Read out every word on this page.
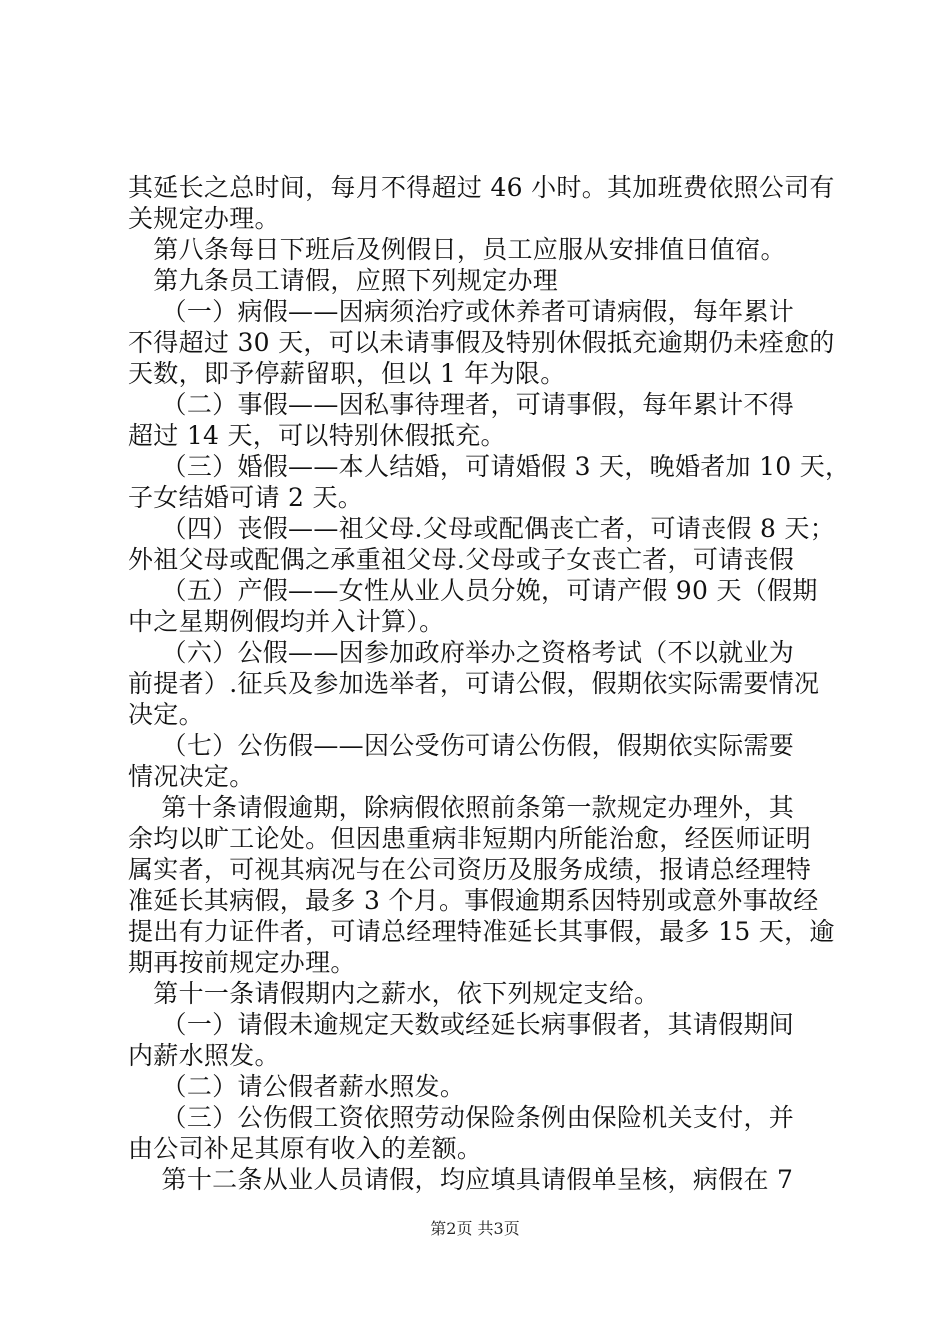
其延长之总时间，每月不得超过 46 小时。其加班费依照公司有
关规定办理。
　第八条每日下班后及例假日，员工应服从安排值日值宿。
　第九条员工请假，应照下列规定办理
　 （一）病假——因病须治疗或休养者可请病假，每年累计
不得超过 30 天，可以未请事假及特别休假抵充逾期仍未痊愈的
天数，即予停薪留职，但以 1 年为限。
　 （二）事假——因私事待理者，可请事假，每年累计不得
超过 14 天，可以特别休假抵充。
　 （三）婚假——本人结婚，可请婚假 3 天，晚婚者加 10 天，
子女结婚可请 2 天。
　 （四）丧假——祖父母.父母或配偶丧亡者，可请丧假 8 天；
外祖父母或配偶之承重祖父母.父母或子女丧亡者，可请丧假
　 （五）产假——女性从业人员分娩，可请产假 90 天（假期
中之星期例假均并入计算）。
　 （六）公假——因参加政府举办之资格考试（不以就业为
前提者）.征兵及参加选举者，可请公假，假期依实际需要情况
决定。
　 （七）公伤假——因公受伤可请公伤假，假期依实际需要
情况决定。
　 第十条请假逾期，除病假依照前条第一款规定办理外，其
余均以旷工论处。但因患重病非短期内所能治愈，经医师证明
属实者，可视其病况与在公司资历及服务成绩，报请总经理特
准延长其病假，最多 3 个月。事假逾期系因特别或意外事故经
提出有力证件者，可请总经理特准延长其事假，最多 15 天，逾
期再按前规定办理。
　第十一条请假期内之薪水，依下列规定支给。
　 （一）请假未逾规定天数或经延长病事假者，其请假期间
内薪水照发。
　 （二）请公假者薪水照发。
　 （三）公伤假工资依照劳动保险条例由保险机关支付，并
由公司补足其原有收入的差额。
　 第十二条从业人员请假，均应填具请假单呈核，病假在 7
第2页 共3页
